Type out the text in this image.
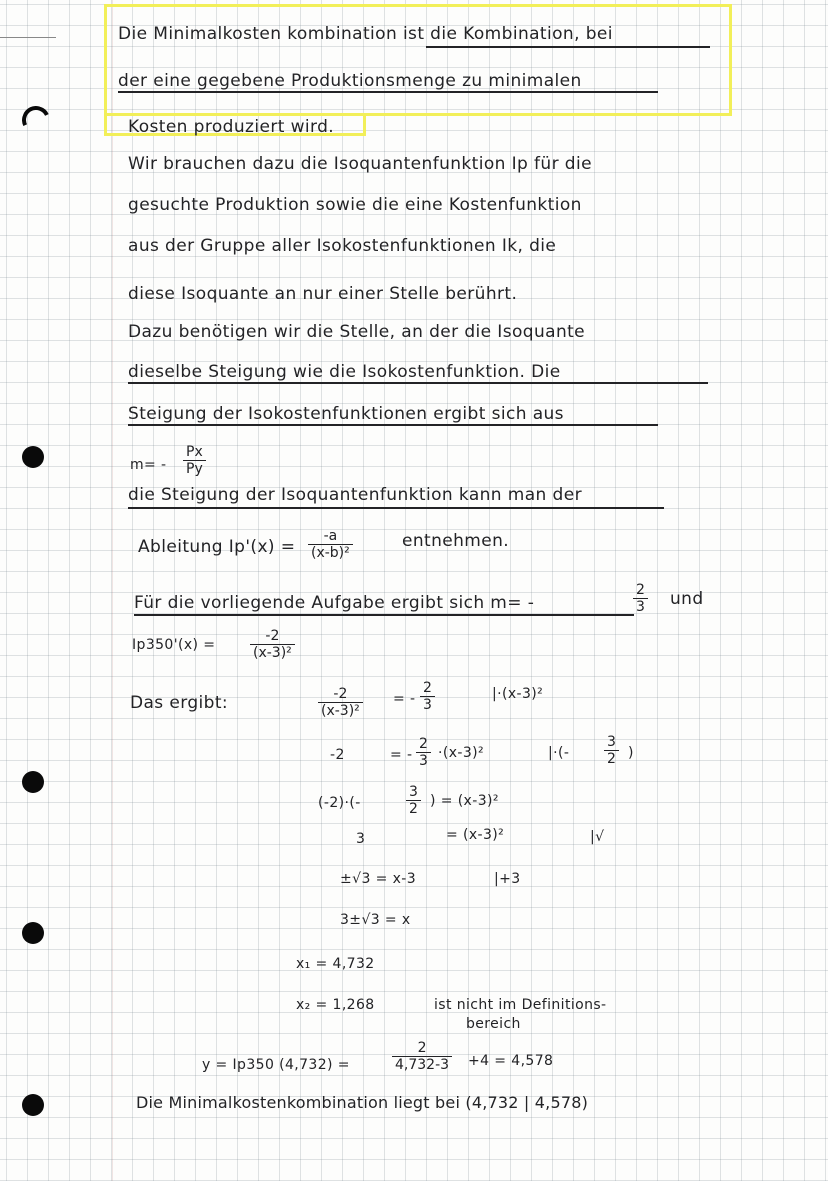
Die Minimalkosten kombination ist die Kombination, bei
der eine gegebene Produktionsmenge zu minimalen
Kosten produziert wird.
Wir brauchen dazu die Isoquantenfunktion Ip für die
gesuchte Produktion sowie die eine Kostenfunktion
aus der Gruppe aller Isokostenfunktionen Ik, die
diese Isoquante an nur einer Stelle berührt.
Dazu benötigen wir die Stelle, an der die Isoquante
dieselbe Steigung wie die Isokostenfunktion. Die
Steigung der Isokostenfunktionen ergibt sich aus
$m= - \frac{Px}{Py}$
die Steigung der Isoquantenfunktion kann man der
Ableitung $Ip'(x) = \frac{-a}{\text{(x-b)²}}$	entnehmen.
Für die vorliegende Aufgabe ergibt sich m= -	$\frac{2}{3}$ und
$Ip350'(x) = \frac{-2}{\text{(x-3)²}}$
Das ergibt:	$\frac{-2}{\text{(x-3)²}}$ = - $\frac{2}{3}$	|·(x-3)²
-2	= - $\frac{2}{3} \cdot(x-3)^2$	|·(- $\frac{3}{2}$ )
(-2)·(-	$\frac{3}{2}$ ) = (x-3)²
3	= (x-3)²	|√
±√3 = x-3	|+3
3±√3 = x
x₁ = 4,732
x₂ = 1,268	ist nicht im Definitions-
bereich
y = Ip350 (4,732) =	$\frac{2}{4,732-3} +4 = 4,578$
Die Minimalkostenkombination liegt bei (4,732 | 4,578)
